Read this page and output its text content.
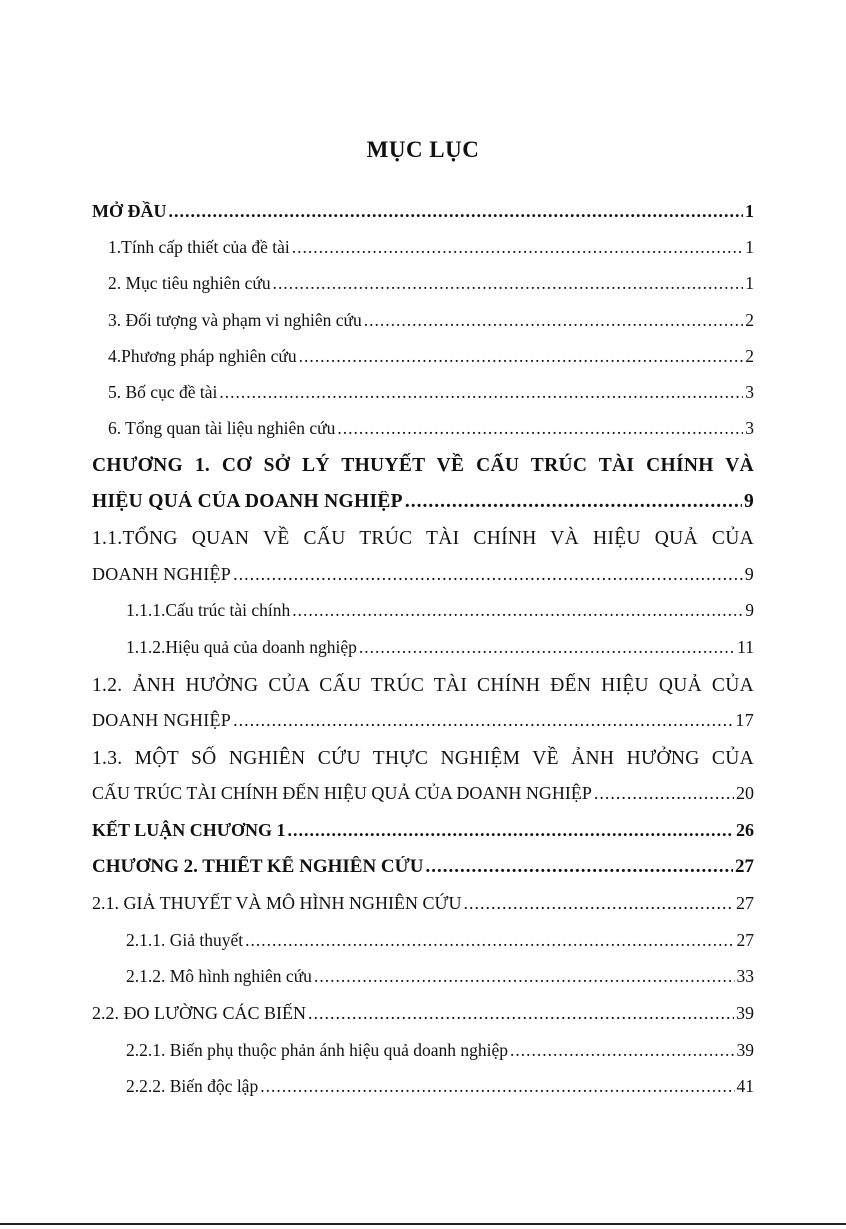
MỤC LỤC
MỞ ĐẦU .....	1
1.Tính cấp thiết của đề tài .....	1
2. Mục tiêu nghiên cứu .....	1
3. Đối tượng và phạm vi nghiên cứu .....	2
4.Phương pháp nghiên cứu .....	2
5. Bố cục đề tài .....	3
6. Tổng quan tài liệu nghiên cứu .....	3
CHƯƠNG 1. CƠ SỞ LÝ THUYẾT VỀ CẤU TRÚC TÀI CHÍNH VÀ
HIỆU QUẢ CỦA DOANH NGHIỆP .....	9
1.1.TỔNG QUAN VỀ CẤU TRÚC TÀI CHÍNH VÀ HIỆU QUẢ CỦA
DOANH NGHIỆP .....	9
1.1.1.Cấu trúc tài chính .....	9
1.1.2.Hiệu quả của doanh nghiệp .....	11
1.2. ẢNH HƯỞNG CỦA CẤU TRÚC TÀI CHÍNH ĐẾN HIỆU QUẢ CỦA
DOANH NGHIỆP .....	17
1.3. MỘT SỐ NGHIÊN CỨU THỰC NGHIỆM VỀ ẢNH HƯỞNG CỦA
CẤU TRÚC TÀI CHÍNH ĐẾN HIỆU QUẢ CỦA DOANH NGHIỆP .....	20
KẾT LUẬN CHƯƠNG 1 .....	26
CHƯƠNG 2. THIẾT KẾ NGHIÊN CỨU .....	27
2.1. GIẢ THUYẾT VÀ MÔ HÌNH NGHIÊN CỨU .....	27
2.1.1. Giả thuyết .....	27
2.1.2. Mô hình nghiên cứu .....	33
2.2. ĐO LƯỜNG CÁC BIẾN .....	39
2.2.1. Biến phụ thuộc phản ánh hiệu quả doanh nghiệp .....	39
2.2.2. Biến độc lập .....	41
